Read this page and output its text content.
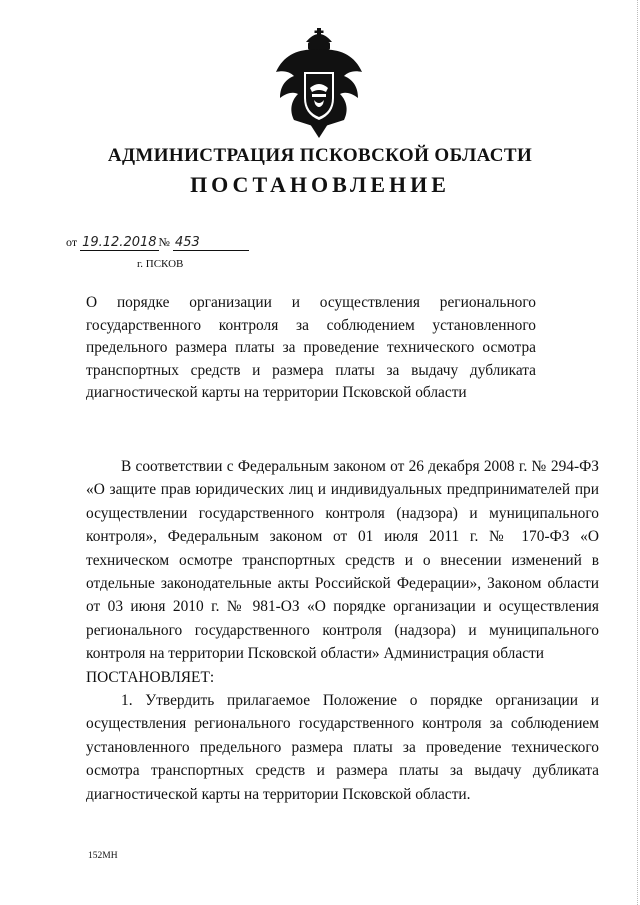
АДМИНИСТРАЦИЯ ПСКОВСКОЙ ОБЛАСТИ
ПОСТАНОВЛЕНИЕ
от 19.12.2018 № 453
г. ПСКОВ
О порядке организации и осуществления регионального государственного контроля за соблюдением установленного предельного размера платы за проведение технического осмотра транспортных средств и размера платы за выдачу дубликата диагностической карты на территории Псковской области

В соответствии с Федеральным законом от 26 декабря 2008 г. № 294-ФЗ «О защите прав юридических лиц и индивидуальных предпринимателей при осуществлении государственного контроля (надзора) и муниципального контроля», Федеральным законом от 01 июля 2011 г. № 170-ФЗ «О техническом осмотре транспортных средств и о внесении изменений в отдельные законодательные акты Российской Федерации», Законом области от 03 июня 2010 г. № 981-ОЗ «О порядке организации и осуществления регионального государственного контроля (надзора) и муниципального контроля на территории Псковской области» Администрация области

ПОСТАНОВЛЯЕТ:

1. Утвердить прилагаемое Положение о порядке организации и осуществления регионального государственного контроля за соблюдением установленного предельного размера платы за проведение технического осмотра транспортных средств и размера платы за выдачу дубликата диагностической карты на территории Псковской области.

152МН
